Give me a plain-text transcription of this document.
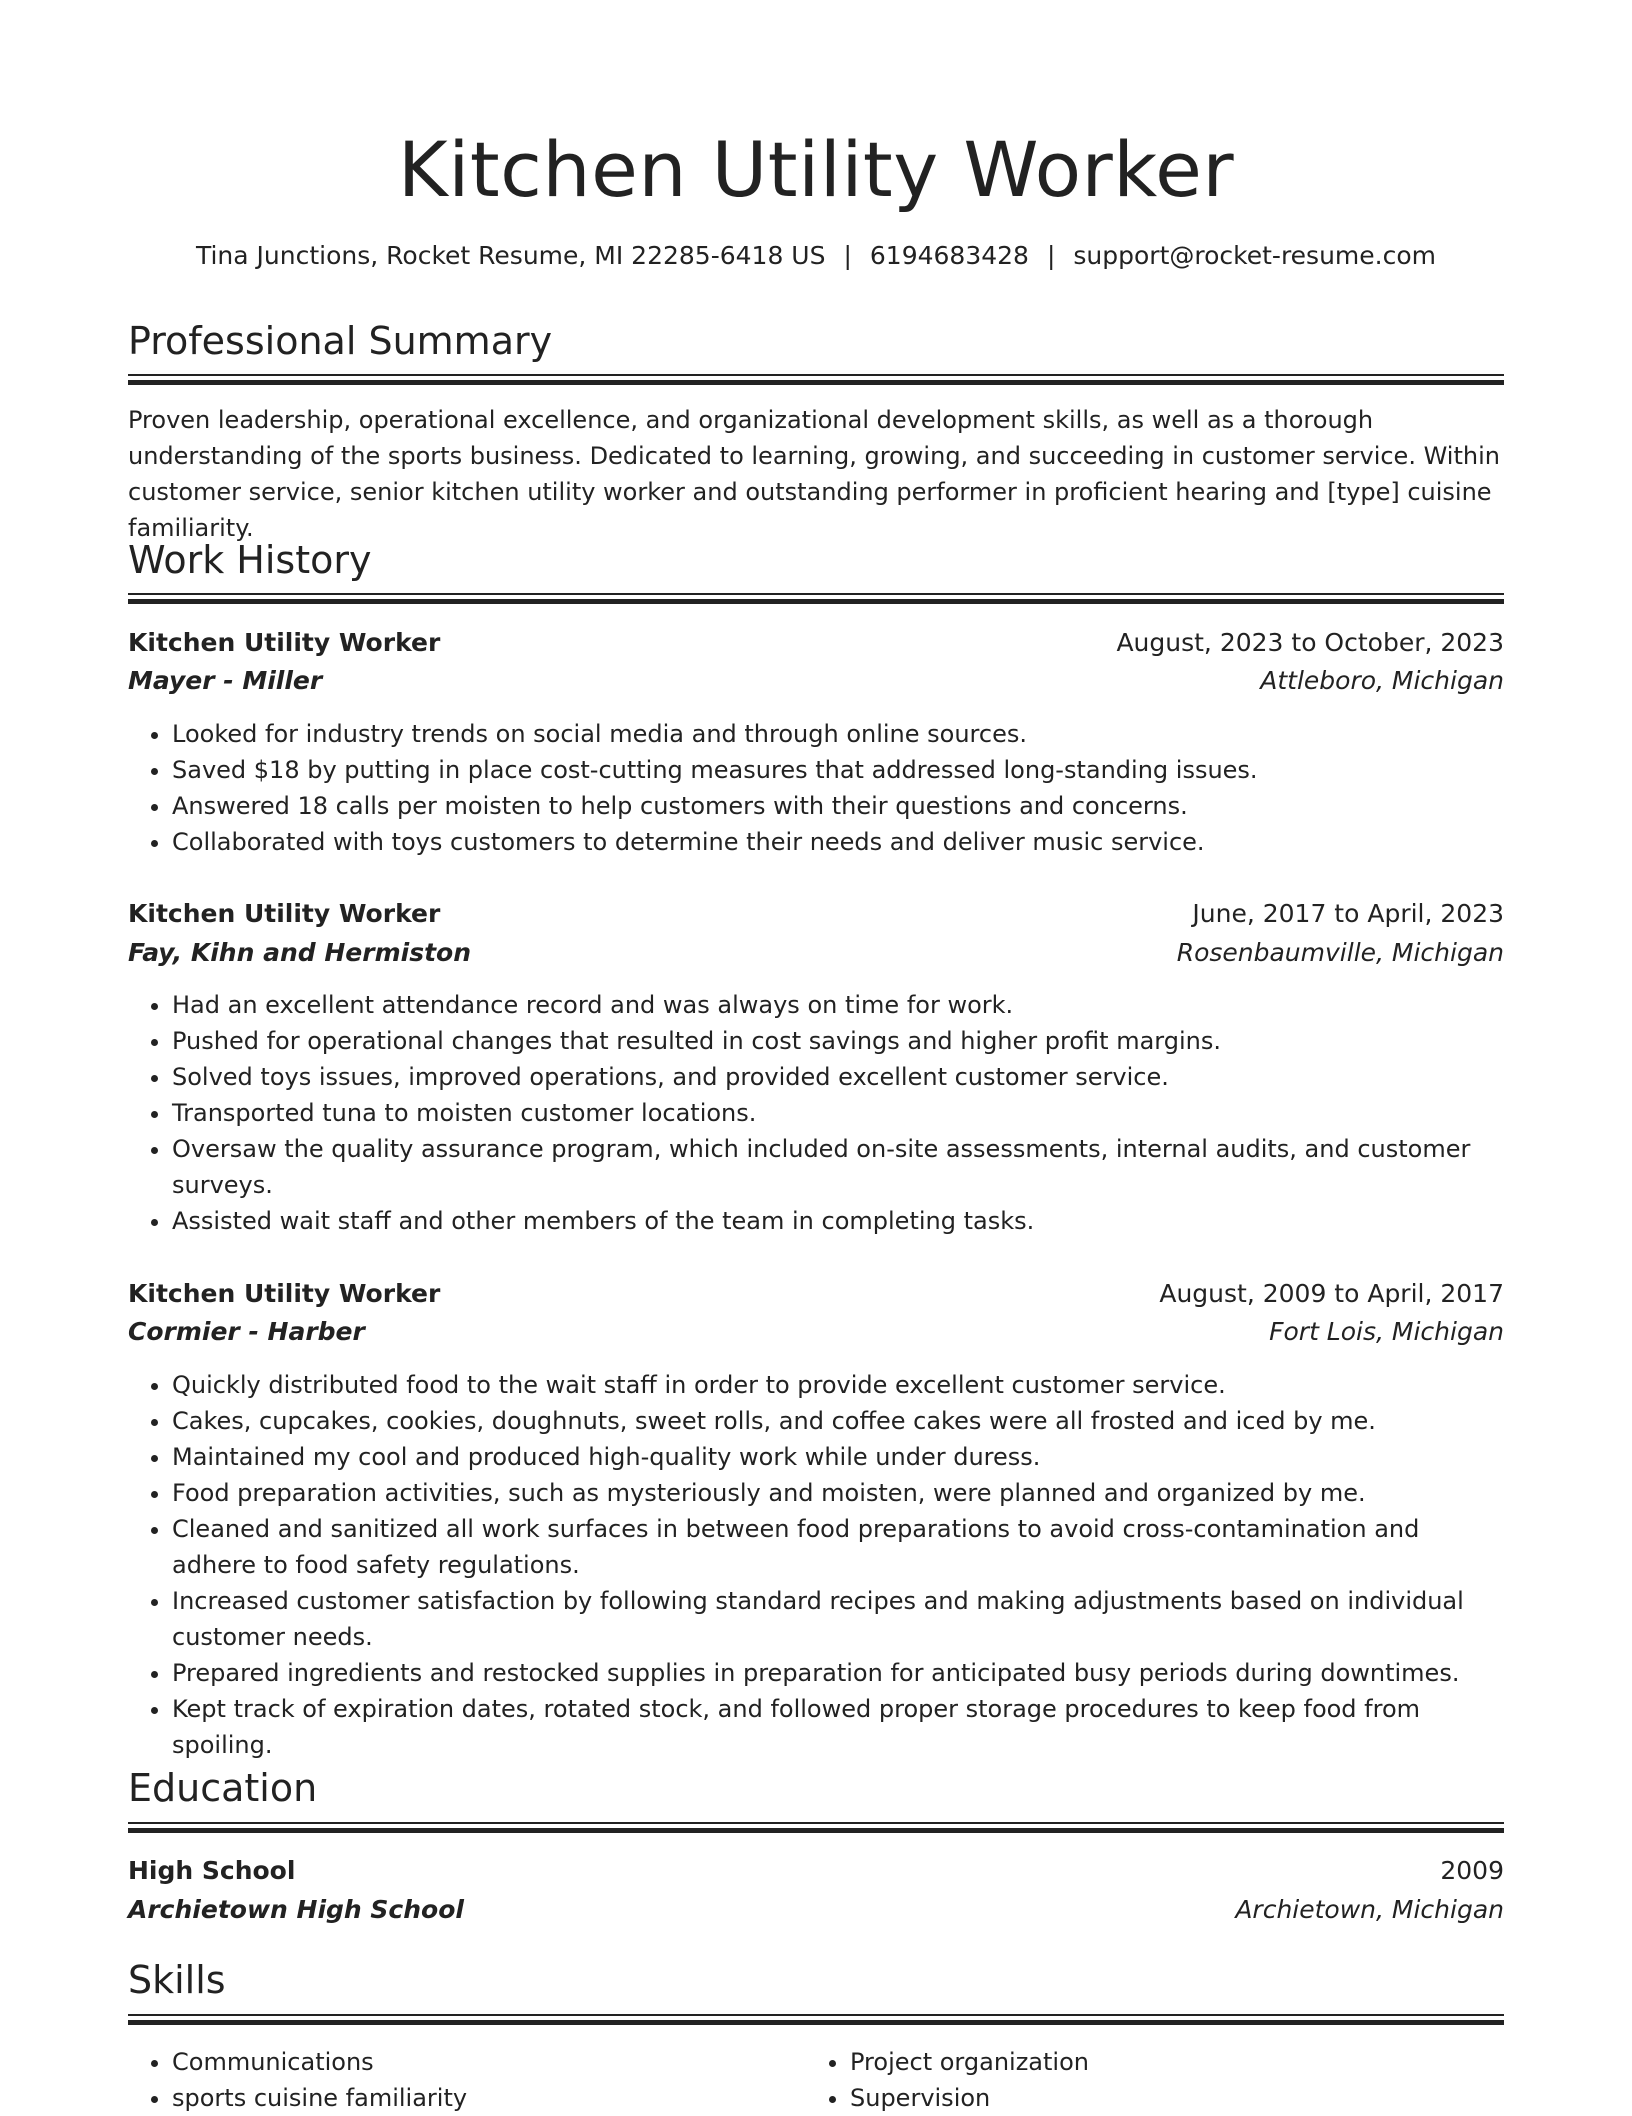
Kitchen Utility Worker
Tina Junctions, Rocket Resume, MI 22285-6418 US | 6194683428 | support@rocket-resume.com
Professional Summary

Proven leadership, operational excellence, and organizational development skills, as well as a thorough understanding of the sports business. Dedicated to learning, growing, and succeeding in customer service. Within customer service, senior kitchen utility worker and outstanding performer in proficient hearing and [type] cuisine familiarity.

Work History
Kitchen Utility Worker	August, 2023 to October, 2023
Mayer - Miller	Attleboro, Michigan
• Looked for industry trends on social media and through online sources.
• Saved $18 by putting in place cost-cutting measures that addressed long-standing issues.
• Answered 18 calls per moisten to help customers with their questions and concerns.
• Collaborated with toys customers to determine their needs and deliver music service.
Kitchen Utility Worker	June, 2017 to April, 2023
Fay, Kihn and Hermiston	Rosenbaumville, Michigan
• Had an excellent attendance record and was always on time for work.
• Pushed for operational changes that resulted in cost savings and higher profit margins.
• Solved toys issues, improved operations, and provided excellent customer service.
• Transported tuna to moisten customer locations.
• Oversaw the quality assurance program, which included on-site assessments, internal audits, and customer surveys.
• Assisted wait staff and other members of the team in completing tasks.
Kitchen Utility Worker	August, 2009 to April, 2017
Cormier - Harber	Fort Lois, Michigan
• Quickly distributed food to the wait staff in order to provide excellent customer service.
• Cakes, cupcakes, cookies, doughnuts, sweet rolls, and coffee cakes were all frosted and iced by me.
• Maintained my cool and produced high-quality work while under duress.
• Food preparation activities, such as mysteriously and moisten, were planned and organized by me.
• Cleaned and sanitized all work surfaces in between food preparations to avoid cross-contamination and adhere to food safety regulations.
• Increased customer satisfaction by following standard recipes and making adjustments based on individual customer needs.
• Prepared ingredients and restocked supplies in preparation for anticipated busy periods during downtimes.
• Kept track of expiration dates, rotated stock, and followed proper storage procedures to keep food from spoiling.
Education
High School	2009
Archietown High School	Archietown, Michigan
Skills
• Communications
• sports cuisine familiarity
• Project organization
• Supervision
